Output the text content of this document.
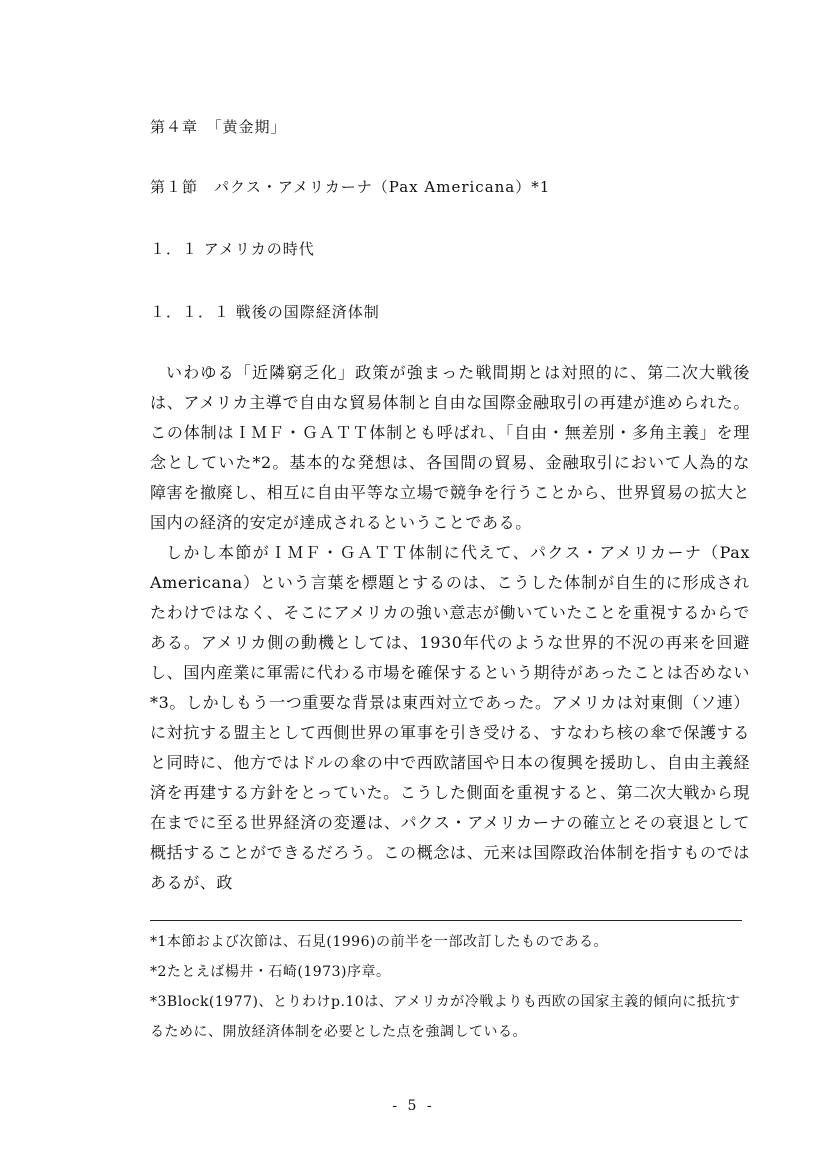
第４章　「黄金期」
第１節　パクス・アメリカーナ（Pax Americana）*1
１．１ アメリカの時代
１．１．１ 戦後の国際経済体制

いわゆる「近隣窮乏化」政策が強まった戦間期とは対照的に、第二次大戦後は、アメリカ主導で自由な貿易体制と自由な国際金融取引の再建が進められた。この体制はＩＭＦ・ＧＡＴＴ体制とも呼ばれ、「自由・無差別・多角主義」を理念としていた*2。基本的な発想は、各国間の貿易、金融取引において人為的な障害を撤廃し、相互に自由平等な立場で競争を行うことから、世界貿易の拡大と国内の経済的安定が達成されるということである。

しかし本節がＩＭＦ・ＧＡＴＴ体制に代えて、パクス・アメリカーナ（Pax Americana）という言葉を標題とするのは、こうした体制が自生的に形成されたわけではなく、そこにアメリカの強い意志が働いていたことを重視するからである。アメリカ側の動機としては、1930年代のような世界的不況の再来を回避し、国内産業に軍需に代わる市場を確保するという期待があったことは否めない*3。しかしもう一つ重要な背景は東西対立であった。アメリカは対東側（ソ連）に対抗する盟主として西側世界の軍事を引き受ける、すなわち核の傘で保護すると同時に、他方ではドルの傘の中で西欧諸国や日本の復興を援助し、自由主義経済を再建する方針をとっていた。こうした側面を重視すると、第二次大戦から現在までに至る世界経済の変遷は、パクス・アメリカーナの確立とその衰退として概括することができるだろう。この概念は、元来は国際政治体制を指すものではあるが、政

*1本節および次節は、石見(1996)の前半を一部改訂したものである。
*2たとえば楊井・石崎(1973)序章。
*3Block(1977)、とりわけp.10は、アメリカが冷戦よりも西欧の国家主義的傾向に抵抗するために、開放経済体制を必要とした点を強調している。
- 5 -
